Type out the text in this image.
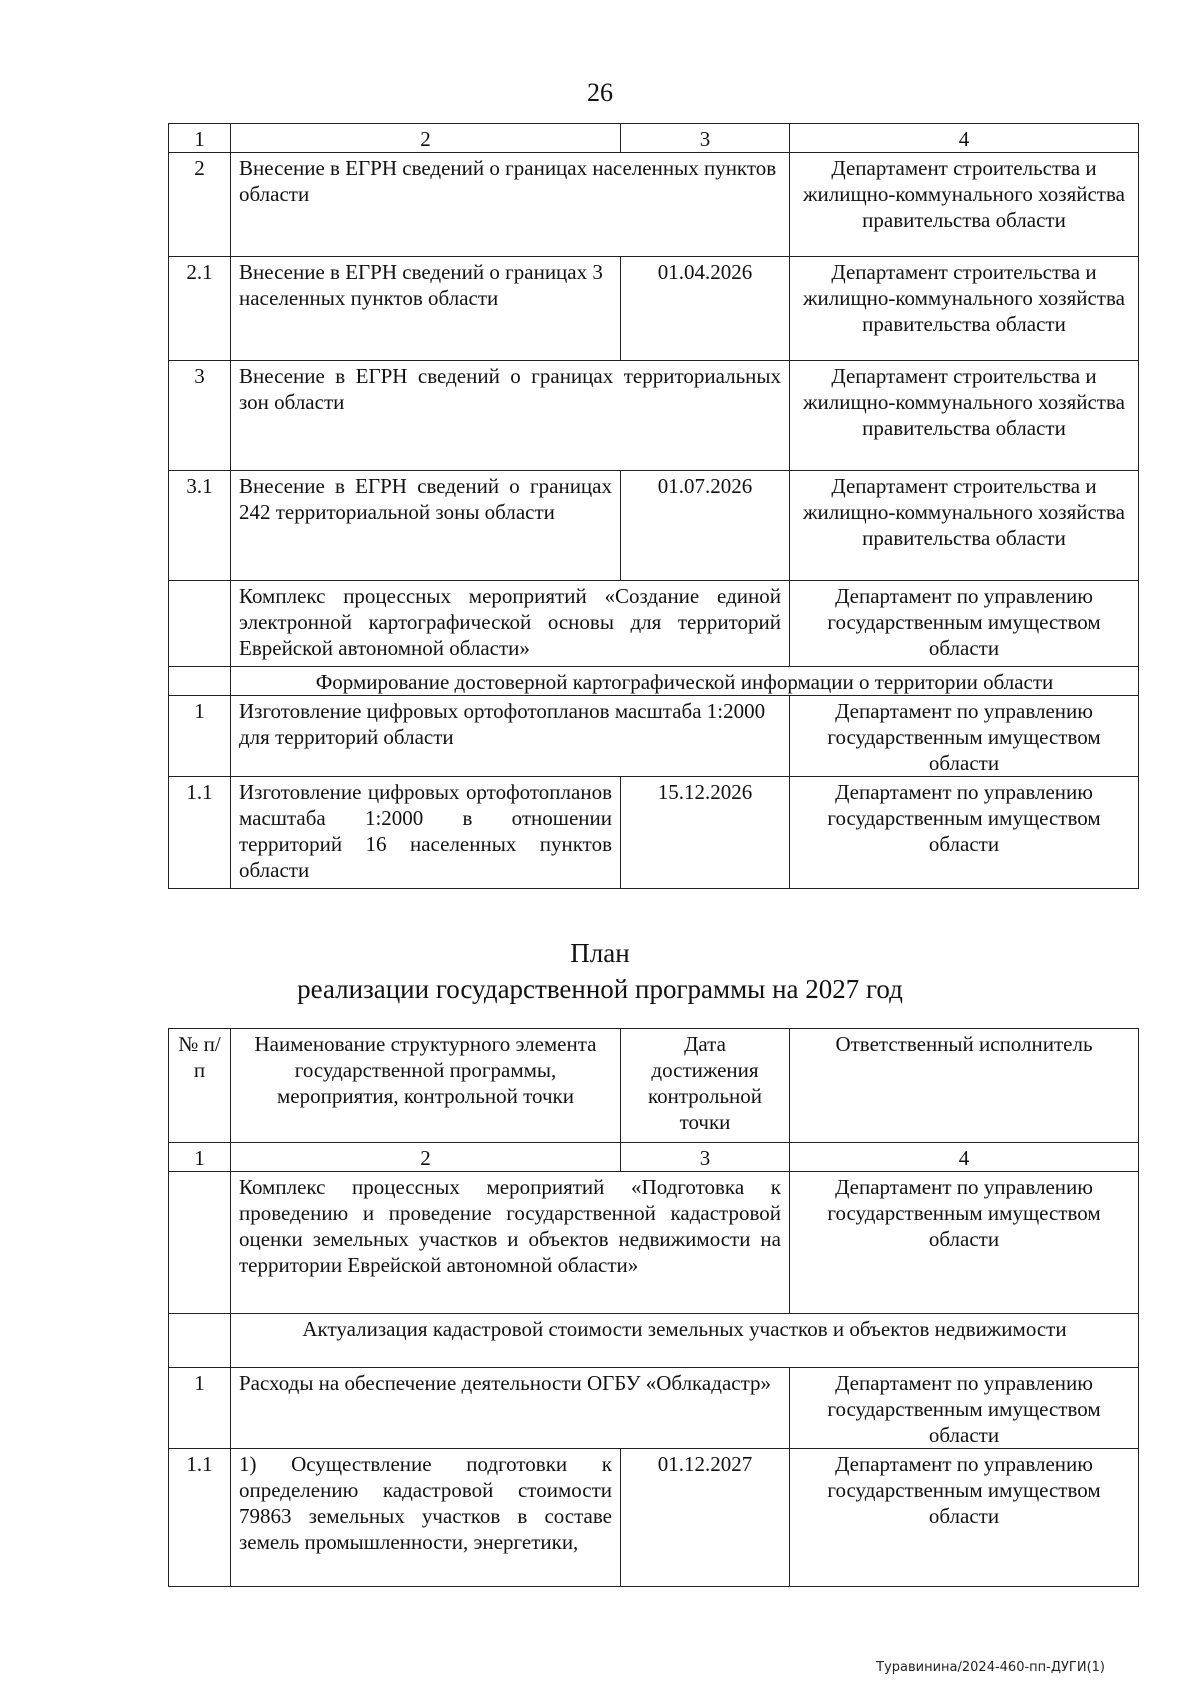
26
1	2	3	4
2	Внесение в ЕГРН сведений о границах населенных пунктов области		Департамент строительства и жилищно-коммунального хозяйства правительства области
2.1	Внесение в ЕГРН сведений о границах 3 населенных пунктов области	01.04.2026	Департамент строительства и жилищно-коммунального хозяйства правительства области
3	Внесение в ЕГРН сведений о границах территориальных зон области		Департамент строительства и жилищно-коммунального хозяйства правительства области
3.1	Внесение в ЕГРН сведений о границах 242 территориальной зоны области	01.07.2026	Департамент строительства и жилищно-коммунального хозяйства правительства области
	Комплекс процессных мероприятий «Создание единой электронной картографической основы для территорий Еврейской автономной области»		Департамент по управлению государственным имуществом области
	Формирование достоверной картографической информации о территории области		
1	Изготовление цифровых ортофотопланов масштаба 1:2000 для территорий области		Департамент по управлению государственным имуществом области
1.1	Изготовление цифровых ортофотопланов масштаба 1:2000 в отношении территорий 16 населенных пунктов области	15.12.2026	Департамент по управлению государственным имуществом области
План
реализации государственной программы на 2027 год
№ п/п	Наименование структурного элемента государственной программы, мероприятия, контрольной точки	Дата достижения контрольной точки	Ответственный исполнитель
1	2	3	4
	Комплекс процессных мероприятий «Подготовка к проведению и проведение государственной кадастровой оценки земельных участков и объектов недвижимости на территории Еврейской автономной области»		Департамент по управлению государственным имуществом области
	Актуализация кадастровой стоимости земельных участков и объектов недвижимости		
1	Расходы на обеспечение деятельности ОГБУ «Облкадастр»		Департамент по управлению государственным имуществом области
1.1	1) Осуществление подготовки к определению кадастровой стоимости 79863 земельных участков в составе земель промышленности, энергетики,	01.12.2027	Департамент по управлению государственным имуществом области
Туравинина/2024-460-пп-ДУГИ(1)
